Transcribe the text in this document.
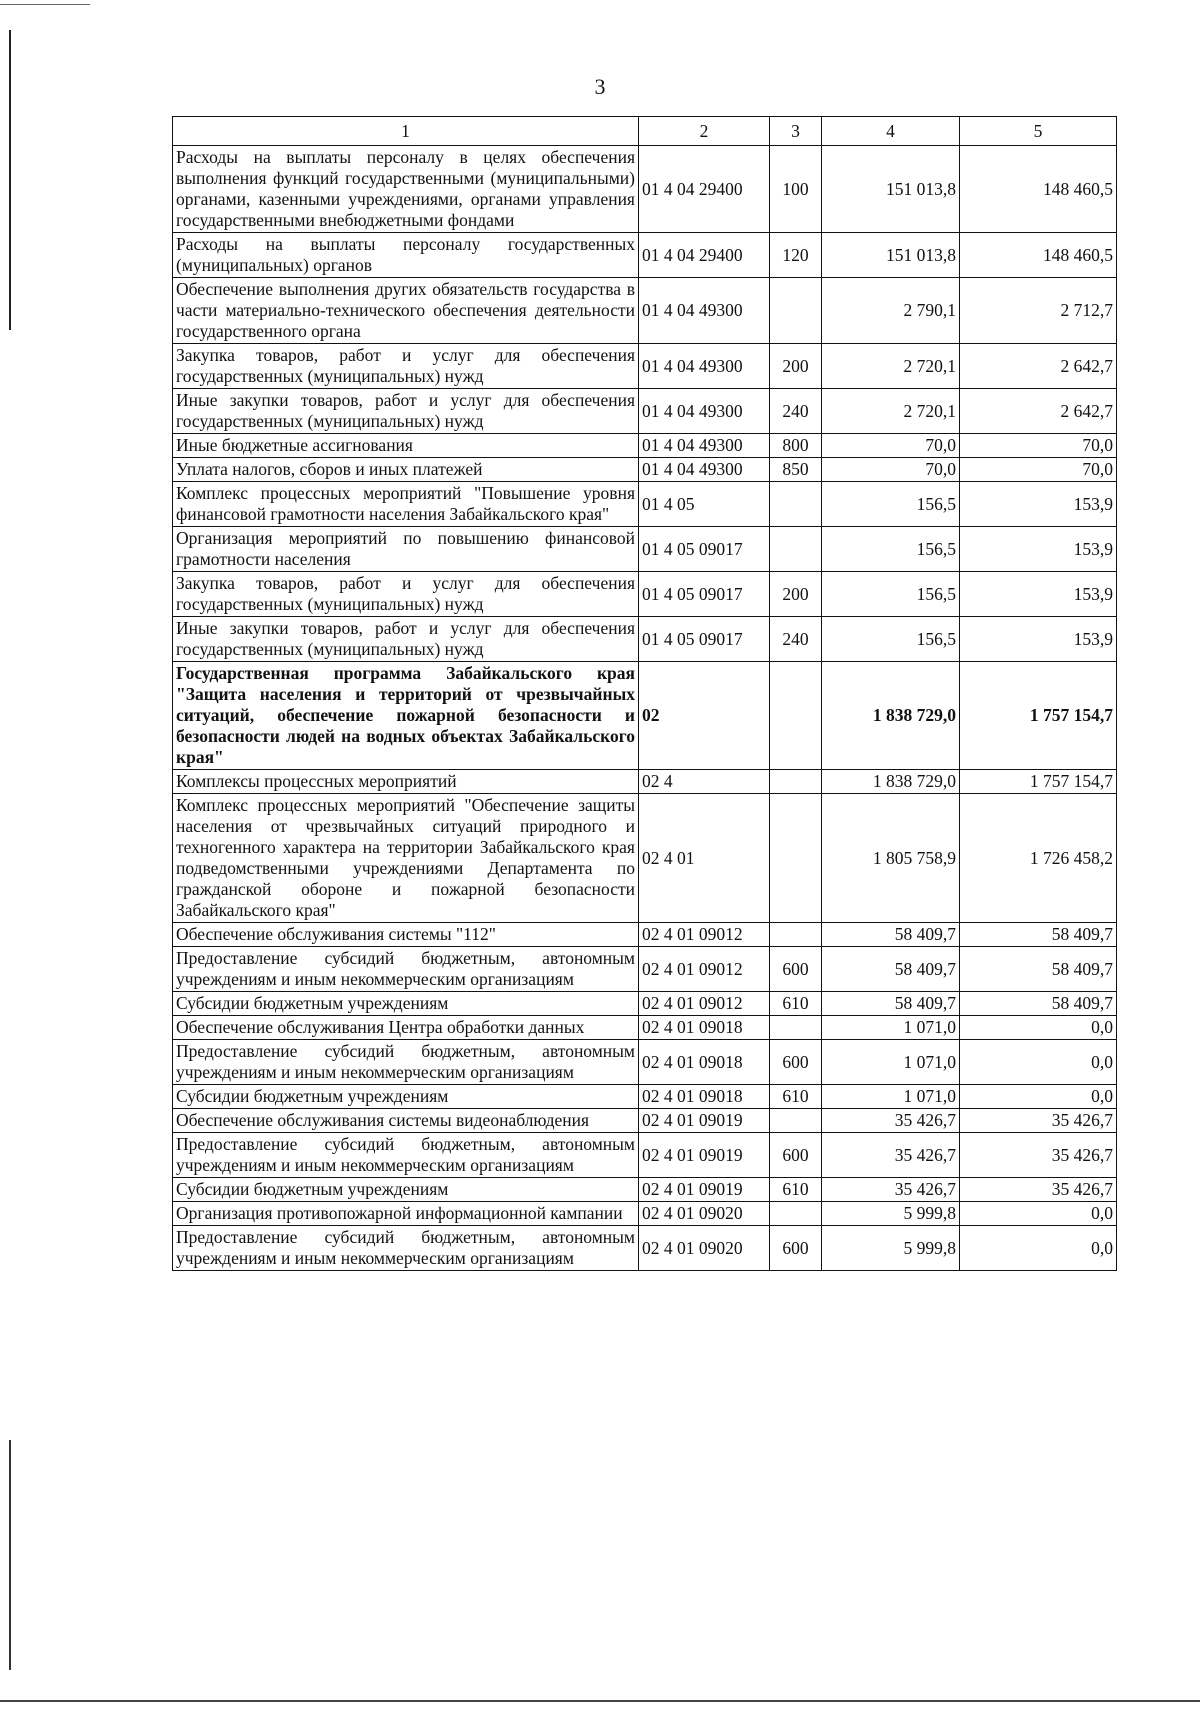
3
1	2	3	4	5
Расходы на выплаты персоналу в целях обеспечения выполнения функций государственными (муниципальными) органами, казенными учреждениями, органами управления государственными внебюджетными фондами	01 4 04 29400	100	151 013,8	148 460,5
Расходы на выплаты персоналу государственных (муниципальных) органов	01 4 04 29400	120	151 013,8	148 460,5
Обеспечение выполнения других обязательств государства в части материально-технического обеспечения деятельности государственного органа	01 4 04 49300		2 790,1	2 712,7
Закупка товаров, работ и услуг для обеспечения государственных (муниципальных) нужд	01 4 04 49300	200	2 720,1	2 642,7
Иные закупки товаров, работ и услуг для обеспечения государственных (муниципальных) нужд	01 4 04 49300	240	2 720,1	2 642,7
Иные бюджетные ассигнования	01 4 04 49300	800	70,0	70,0
Уплата налогов, сборов и иных платежей	01 4 04 49300	850	70,0	70,0
Комплекс процессных мероприятий "Повышение уровня финансовой грамотности населения Забайкальского края"	01 4 05		156,5	153,9
Организация мероприятий по повышению финансовой грамотности населения	01 4 05 09017		156,5	153,9
Закупка товаров, работ и услуг для обеспечения государственных (муниципальных) нужд	01 4 05 09017	200	156,5	153,9
Иные закупки товаров, работ и услуг для обеспечения государственных (муниципальных) нужд	01 4 05 09017	240	156,5	153,9
Государственная программа Забайкальского края "Защита населения и территорий от чрезвычайных ситуаций, обеспечение пожарной безопасности и безопасности людей на водных объектах Забайкальского края"	02		1 838 729,0	1 757 154,7
Комплексы процессных мероприятий	02 4		1 838 729,0	1 757 154,7
Комплекс процессных мероприятий "Обеспечение защиты населения от чрезвычайных ситуаций природного и техногенного характера на территории Забайкальского края подведомственными учреждениями Департамента по гражданской обороне и пожарной безопасности Забайкальского края"	02 4 01		1 805 758,9	1 726 458,2
Обеспечение обслуживания системы "112"	02 4 01 09012		58 409,7	58 409,7
Предоставление субсидий бюджетным, автономным учреждениям и иным некоммерческим организациям	02 4 01 09012	600	58 409,7	58 409,7
Субсидии бюджетным учреждениям	02 4 01 09012	610	58 409,7	58 409,7
Обеспечение обслуживания Центра обработки данных	02 4 01 09018		1 071,0	0,0
Предоставление субсидий бюджетным, автономным учреждениям и иным некоммерческим организациям	02 4 01 09018	600	1 071,0	0,0
Субсидии бюджетным учреждениям	02 4 01 09018	610	1 071,0	0,0
Обеспечение обслуживания системы видеонаблюдения	02 4 01 09019		35 426,7	35 426,7
Предоставление субсидий бюджетным, автономным учреждениям и иным некоммерческим организациям	02 4 01 09019	600	35 426,7	35 426,7
Субсидии бюджетным учреждениям	02 4 01 09019	610	35 426,7	35 426,7
Организация противопожарной информационной кампании	02 4 01 09020		5 999,8	0,0
Предоставление субсидий бюджетным, автономным учреждениям и иным некоммерческим организациям	02 4 01 09020	600	5 999,8	0,0
